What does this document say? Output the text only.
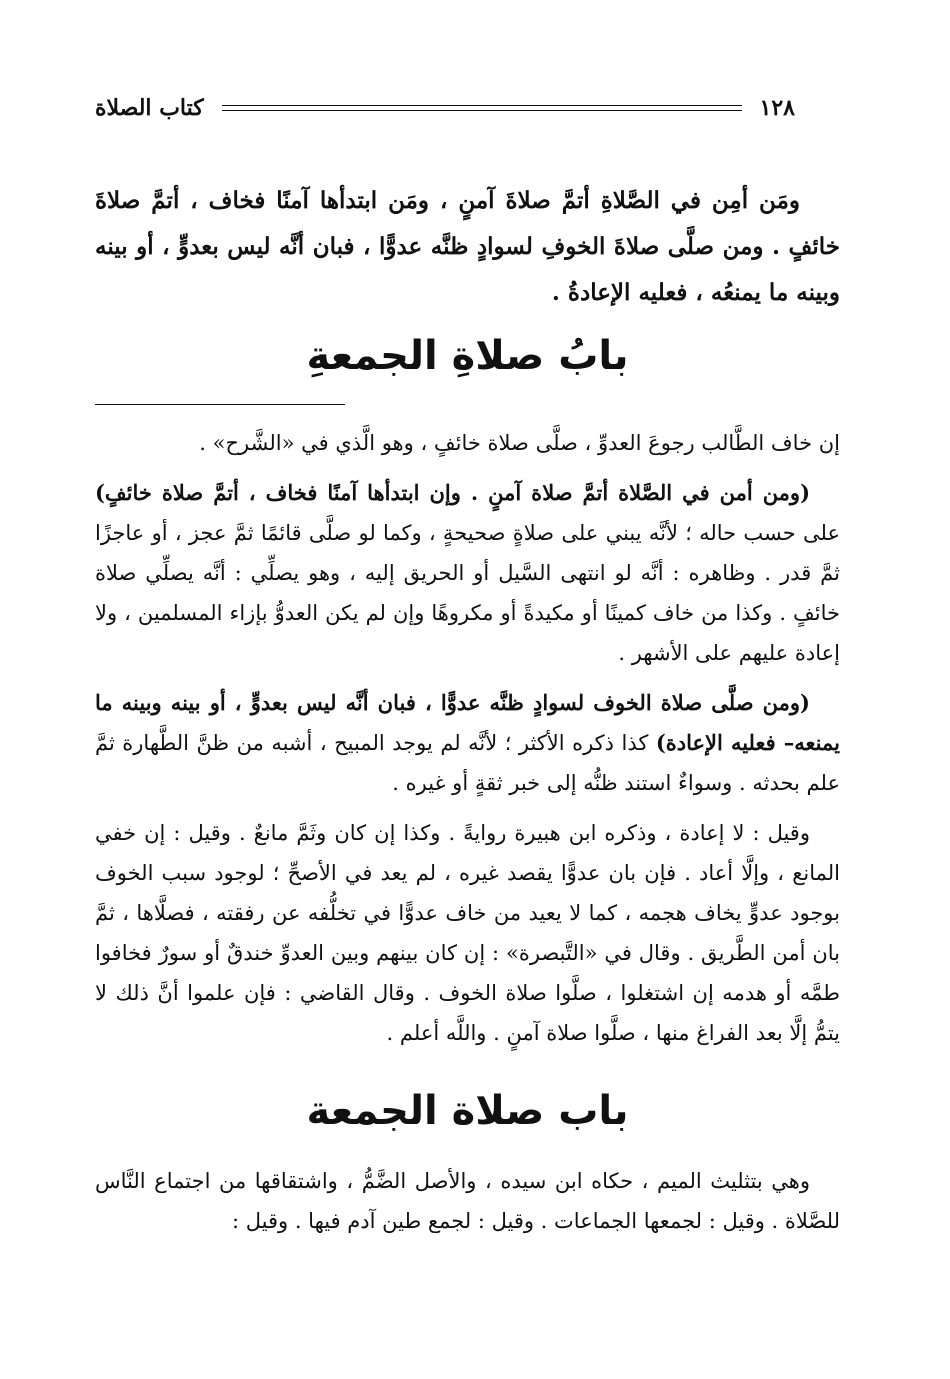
كتاب الصلاة	١٢٨

ومَن أمِن في الصَّلاةِ أتمَّ صلاةَ آمنٍ ، ومَن ابتدأها آمنًا فخاف ، أتمَّ صلاةَ خائفٍ . ومن صلَّى صلاةَ الخوفِ لسوادٍ ظنَّه عدوًّا ، فبان أنَّه ليس بعدوٍّ ، أو بينه وبينه ما يمنعُه ، فعليه الإعادةُ .

بابُ صلاةِ الجمعةِ

إن خاف الطَّالب رجوعَ العدوِّ ، صلَّى صلاة خائفٍ ، وهو الَّذي في «الشَّرح» .

(ومن أمن في الصَّلاة أتمَّ صلاة آمنٍ . وإن ابتدأها آمنًا فخاف ، أتمَّ صلاة خائفٍ) على حسب حاله ؛ لأنَّه يبني على صلاةٍ صحيحةٍ ، وكما لو صلَّى قائمًا ثمَّ عجز ، أو عاجزًا ثمَّ قدر . وظاهره : أنَّه لو انتهى السَّيل أو الحريق إليه ، وهو يصلِّي : أنَّه يصلِّي صلاة خائفٍ . وكذا من خاف كمينًا أو مكيدةً أو مكروهًا وإن لم يكن العدوُّ بإزاء المسلمين ، ولا إعادة عليهم على الأشهر .

(ومن صلَّى صلاة الخوف لسوادٍ ظنَّه عدوًّا ، فبان أنَّه ليس بعدوٍّ ، أو بينه وبينه ما يمنعه– فعليه الإعادة) كذا ذكره الأكثر ؛ لأنَّه لم يوجد المبيح ، أشبه من ظنَّ الطَّهارة ثمَّ علم بحدثه . وسواءٌ استند ظنُّه إلى خبر ثقةٍ أو غيره .

وقيل : لا إعادة ، وذكره ابن هبيرة روايةً . وكذا إن كان وثَمَّ مانعٌ . وقيل : إن خفي المانع ، وإلَّا أعاد . فإن بان عدوًّا يقصد غيره ، لم يعد في الأصحِّ ؛ لوجود سبب الخوف بوجود عدوٍّ يخاف هجمه ، كما لا يعيد من خاف عدوًّا في تخلُّفه عن رفقته ، فصلَّاها ، ثمَّ بان أمن الطَّريق . وقال في «التَّبصرة» : إن كان بينهم وبين العدوِّ خندقٌ أو سورٌ فخافوا طمَّه أو هدمه إن اشتغلوا ، صلَّوا صلاة الخوف . وقال القاضي : فإن علموا أنَّ ذلك لا يتمُّ إلَّا بعد الفراغ منها ، صلَّوا صلاة آمنٍ . واللَّه أعلم .

باب صلاة الجمعة

وهي بتثليث الميم ، حكاه ابن سيده ، والأصل الضَّمُّ ، واشتقاقها من اجتماع النَّاس للصَّلاة . وقيل : لجمعها الجماعات . وقيل : لجمع طين آدم فيها . وقيل :
